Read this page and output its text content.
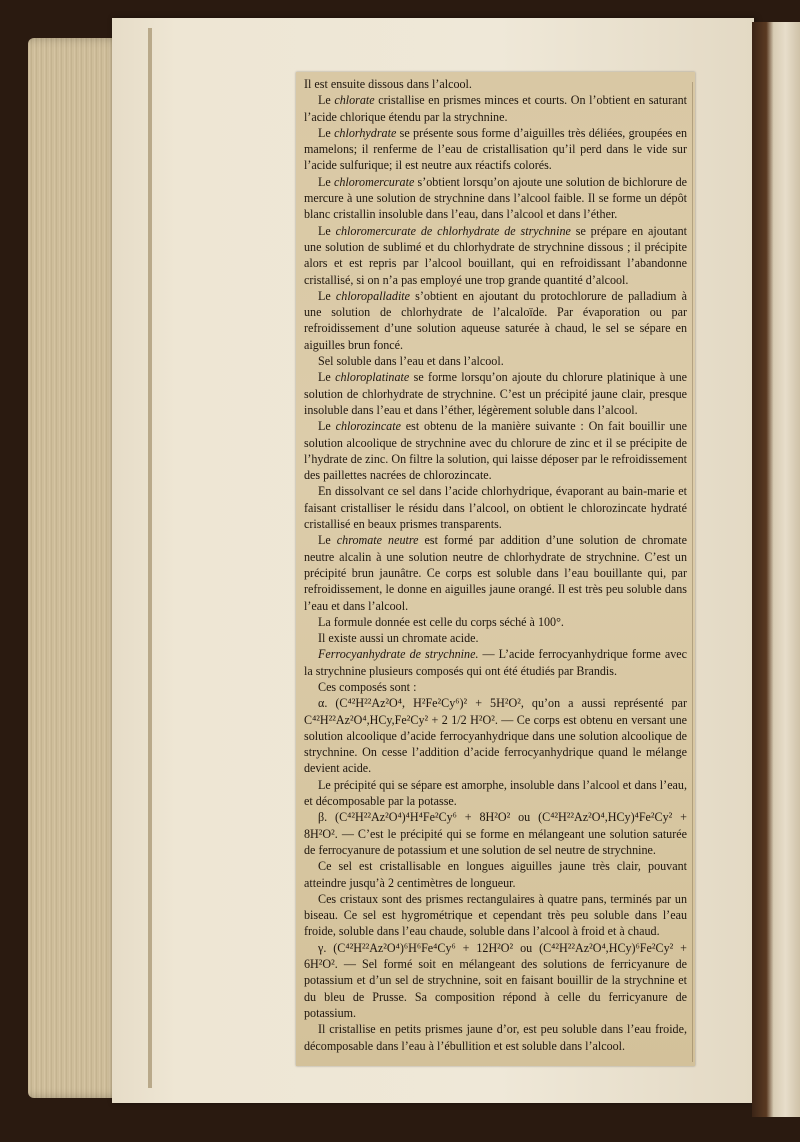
Il est ensuite dissous dans l’alcool.

Le chlorate cristallise en prismes minces et courts. On l’obtient en saturant l’acide chlorique étendu par la strychnine.

Le chlorhydrate se présente sous forme d’aiguilles très déliées, groupées en mamelons; il renferme de l’eau de cristallisation qu’il perd dans le vide sur l’acide sulfurique; il est neutre aux réactifs colorés.

Le chloromercurate s’obtient lorsqu’on ajoute une solution de bichlorure de mercure à une solution de strychnine dans l’alcool faible. Il se forme un dépôt blanc cristallin insoluble dans l’eau, dans l’alcool et dans l’éther.

Le chloromercurate de chlorhydrate de strychnine se prépare en ajoutant une solution de sublimé et du chlorhydrate de strychnine dissous ; il précipite alors et est repris par l’alcool bouillant, qui en refroidissant l’abandonne cristallisé, si on n’a pas employé une trop grande quantité d’alcool.

Le chloropalladite s’obtient en ajoutant du protochlorure de palladium à une solution de chlorhydrate de l’alcaloïde. Par évaporation ou par refroidissement d’une solution aqueuse saturée à chaud, le sel se sépare en aiguilles brun foncé.

Sel soluble dans l’eau et dans l’alcool.

Le chloroplatinate se forme lorsqu’on ajoute du chlorure platinique à une solution de chlorhydrate de strychnine. C’est un précipité jaune clair, presque insoluble dans l’eau et dans l’éther, légèrement soluble dans l’alcool.

Le chlorozincate est obtenu de la manière suivante : On fait bouillir une solution alcoolique de strychnine avec du chlorure de zinc et il se précipite de l’hydrate de zinc. On filtre la solution, qui laisse déposer par le refroidissement des paillettes nacrées de chlorozincate.

En dissolvant ce sel dans l’acide chlorhydrique, évaporant au bain-marie et faisant cristalliser le résidu dans l’alcool, on obtient le chlorozincate hydraté cristallisé en beaux prismes transparents.

Le chromate neutre est formé par addition d’une solution de chromate neutre alcalin à une solution neutre de chlorhydrate de strychnine. C’est un précipité brun jaunâtre. Ce corps est soluble dans l’eau bouillante qui, par refroidissement, le donne en aiguilles jaune orangé. Il est très peu soluble dans l’eau et dans l’alcool.

La formule donnée est celle du corps séché à 100°.

Il existe aussi un chromate acide.

Ferrocyanhydrate de strychnine. — L’acide ferrocyanhydrique forme avec la strychnine plusieurs composés qui ont été étudiés par Brandis.

Ces composés sont :

α. (C⁴²H²²Az²O⁴, H²Fe²Cy⁶)² + 5H²O², qu’on a aussi représenté par C⁴²H²²Az²O⁴,HCy,Fe²Cy² + 2 1/2 H²O². — Ce corps est obtenu en versant une solution alcoolique d’acide ferrocyanhydrique dans une solution alcoolique de strychnine. On cesse l’addition d’acide ferrocyanhydrique quand le mélange devient acide.

Le précipité qui se sépare est amorphe, insoluble dans l’alcool et dans l’eau, et décomposable par la potasse.

β. (C⁴²H²²Az²O⁴)⁴H⁴Fe²Cy⁶ + 8H²O² ou (C⁴²H²²Az²O⁴,HCy)⁴Fe²Cy² + 8H²O². — C’est le précipité qui se forme en mélangeant une solution saturée de ferrocyanure de potassium et une solution de sel neutre de strychnine.

Ce sel est cristallisable en longues aiguilles jaune très clair, pouvant atteindre jusqu’à 2 centimètres de longueur.

Ces cristaux sont des prismes rectangulaires à quatre pans, terminés par un biseau. Ce sel est hygrométrique et cependant très peu soluble dans l’eau froide, soluble dans l’eau chaude, soluble dans l’alcool à froid et à chaud.

γ. (C⁴²H²²Az²O⁴)⁶H⁶Fe⁴Cy⁶ + 12H²O² ou (C⁴²H²²Az²O⁴,HCy)⁶Fe²Cy² + 6H²O². — Sel formé soit en mélangeant des solutions de ferricyanure de potassium et d’un sel de strychnine, soit en faisant bouillir de la strychnine et du bleu de Prusse. Sa composition répond à celle du ferricyanure de potassium.

Il cristallise en petits prismes jaune d’or, est peu soluble dans l’eau froide, décomposable dans l’eau à l’ébullition et est soluble dans l’alcool.
